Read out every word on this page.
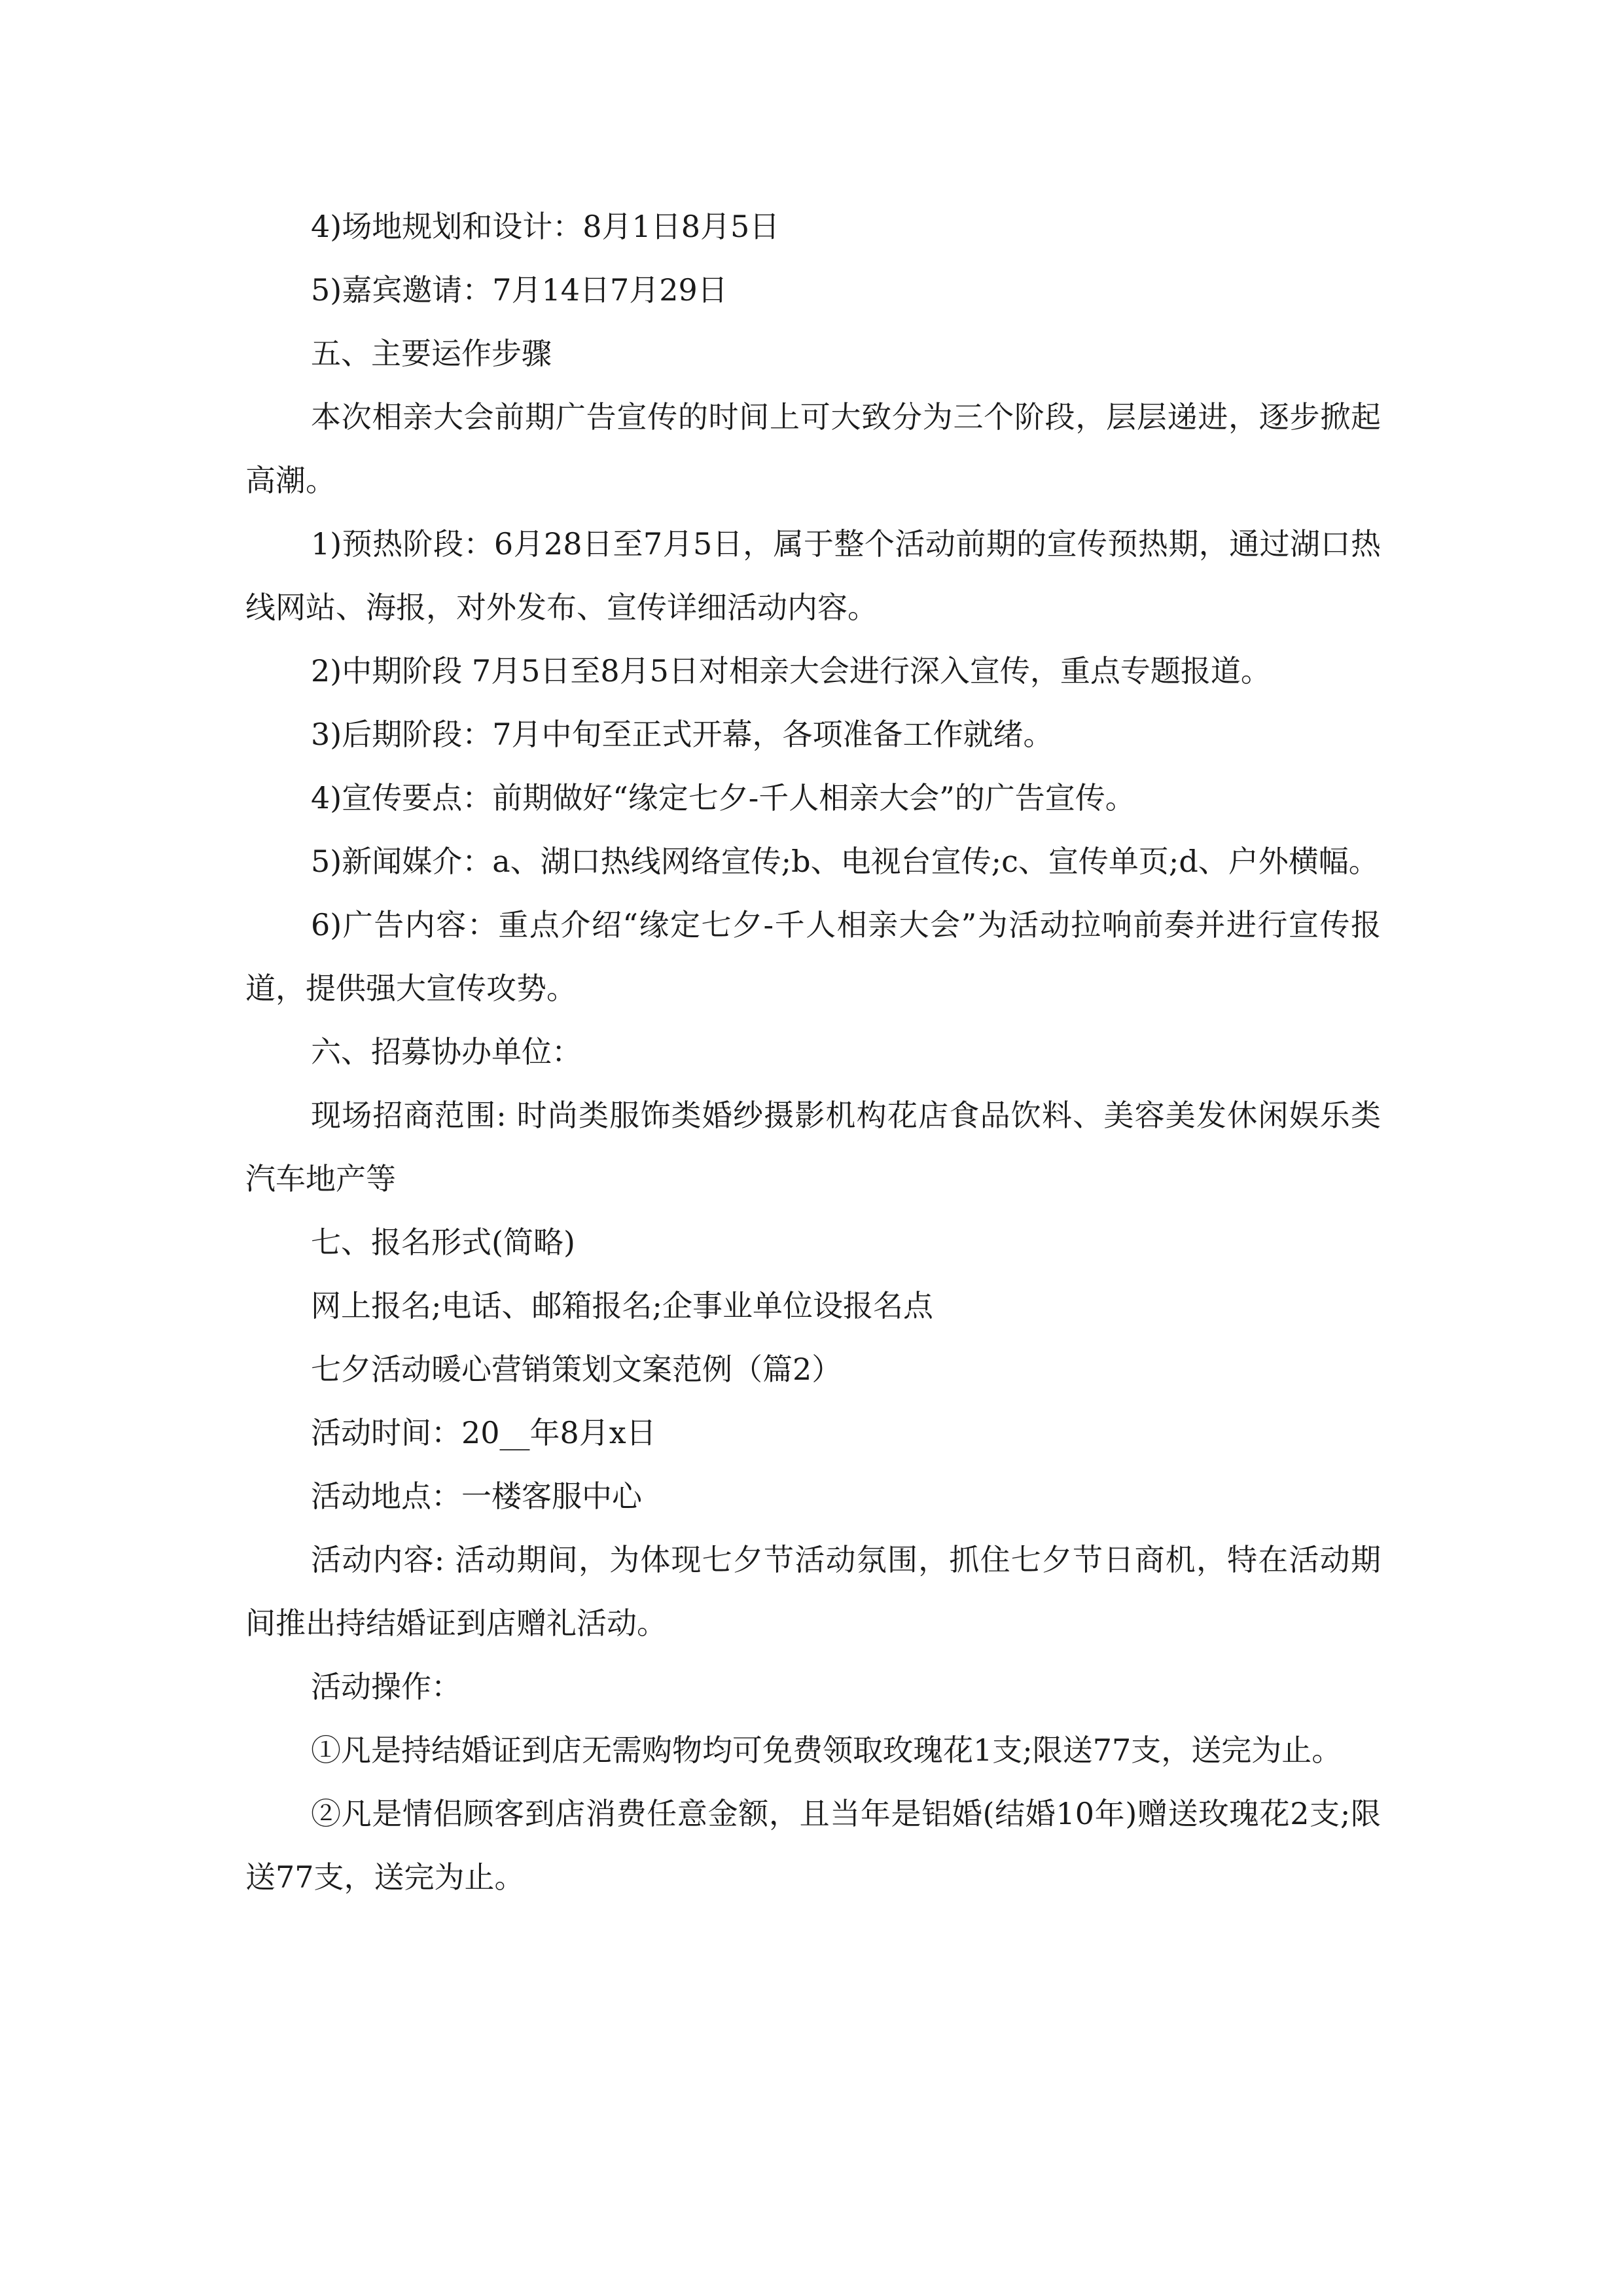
4)场地规划和设计：8月1日8月5日

5)嘉宾邀请：7月14日7月29日

五、主要运作步骤

本次相亲大会前期广告宣传的时间上可大致分为三个阶段，层层递进，逐步掀起高潮。

1)预热阶段：6月28日至7月5日，属于整个活动前期的宣传预热期，通过湖口热线网站、海报，对外发布、宣传详细活动内容。

2)中期阶段 7月5日至8月5日对相亲大会进行深入宣传，重点专题报道。

3)后期阶段：7月中旬至正式开幕，各项准备工作就绪。

4)宣传要点：前期做好“缘定七夕-千人相亲大会”的广告宣传。

5)新闻媒介：a、湖口热线网络宣传;b、电视台宣传;c、宣传单页;d、户外横幅。

6)广告内容：重点介绍“缘定七夕-千人相亲大会”为活动拉响前奏并进行宣传报道，提供强大宣传攻势。

六、招募协办单位：

现场招商范围: 时尚类服饰类婚纱摄影机构花店食品饮料、美容美发休闲娱乐类汽车地产等

七、报名形式(简略)

网上报名;电话、邮箱报名;企事业单位设报名点

七夕活动暖心营销策划文案范例（篇2）

活动时间：20__年8月x日

活动地点：一楼客服中心

活动内容: 活动期间，为体现七夕节活动氛围，抓住七夕节日商机，特在活动期间推出持结婚证到店赠礼活动。

活动操作：

①凡是持结婚证到店无需购物均可免费领取玫瑰花1支;限送77支，送完为止。

②凡是情侣顾客到店消费任意金额，且当年是铝婚(结婚10年)赠送玫瑰花2支;限送77支，送完为止。
